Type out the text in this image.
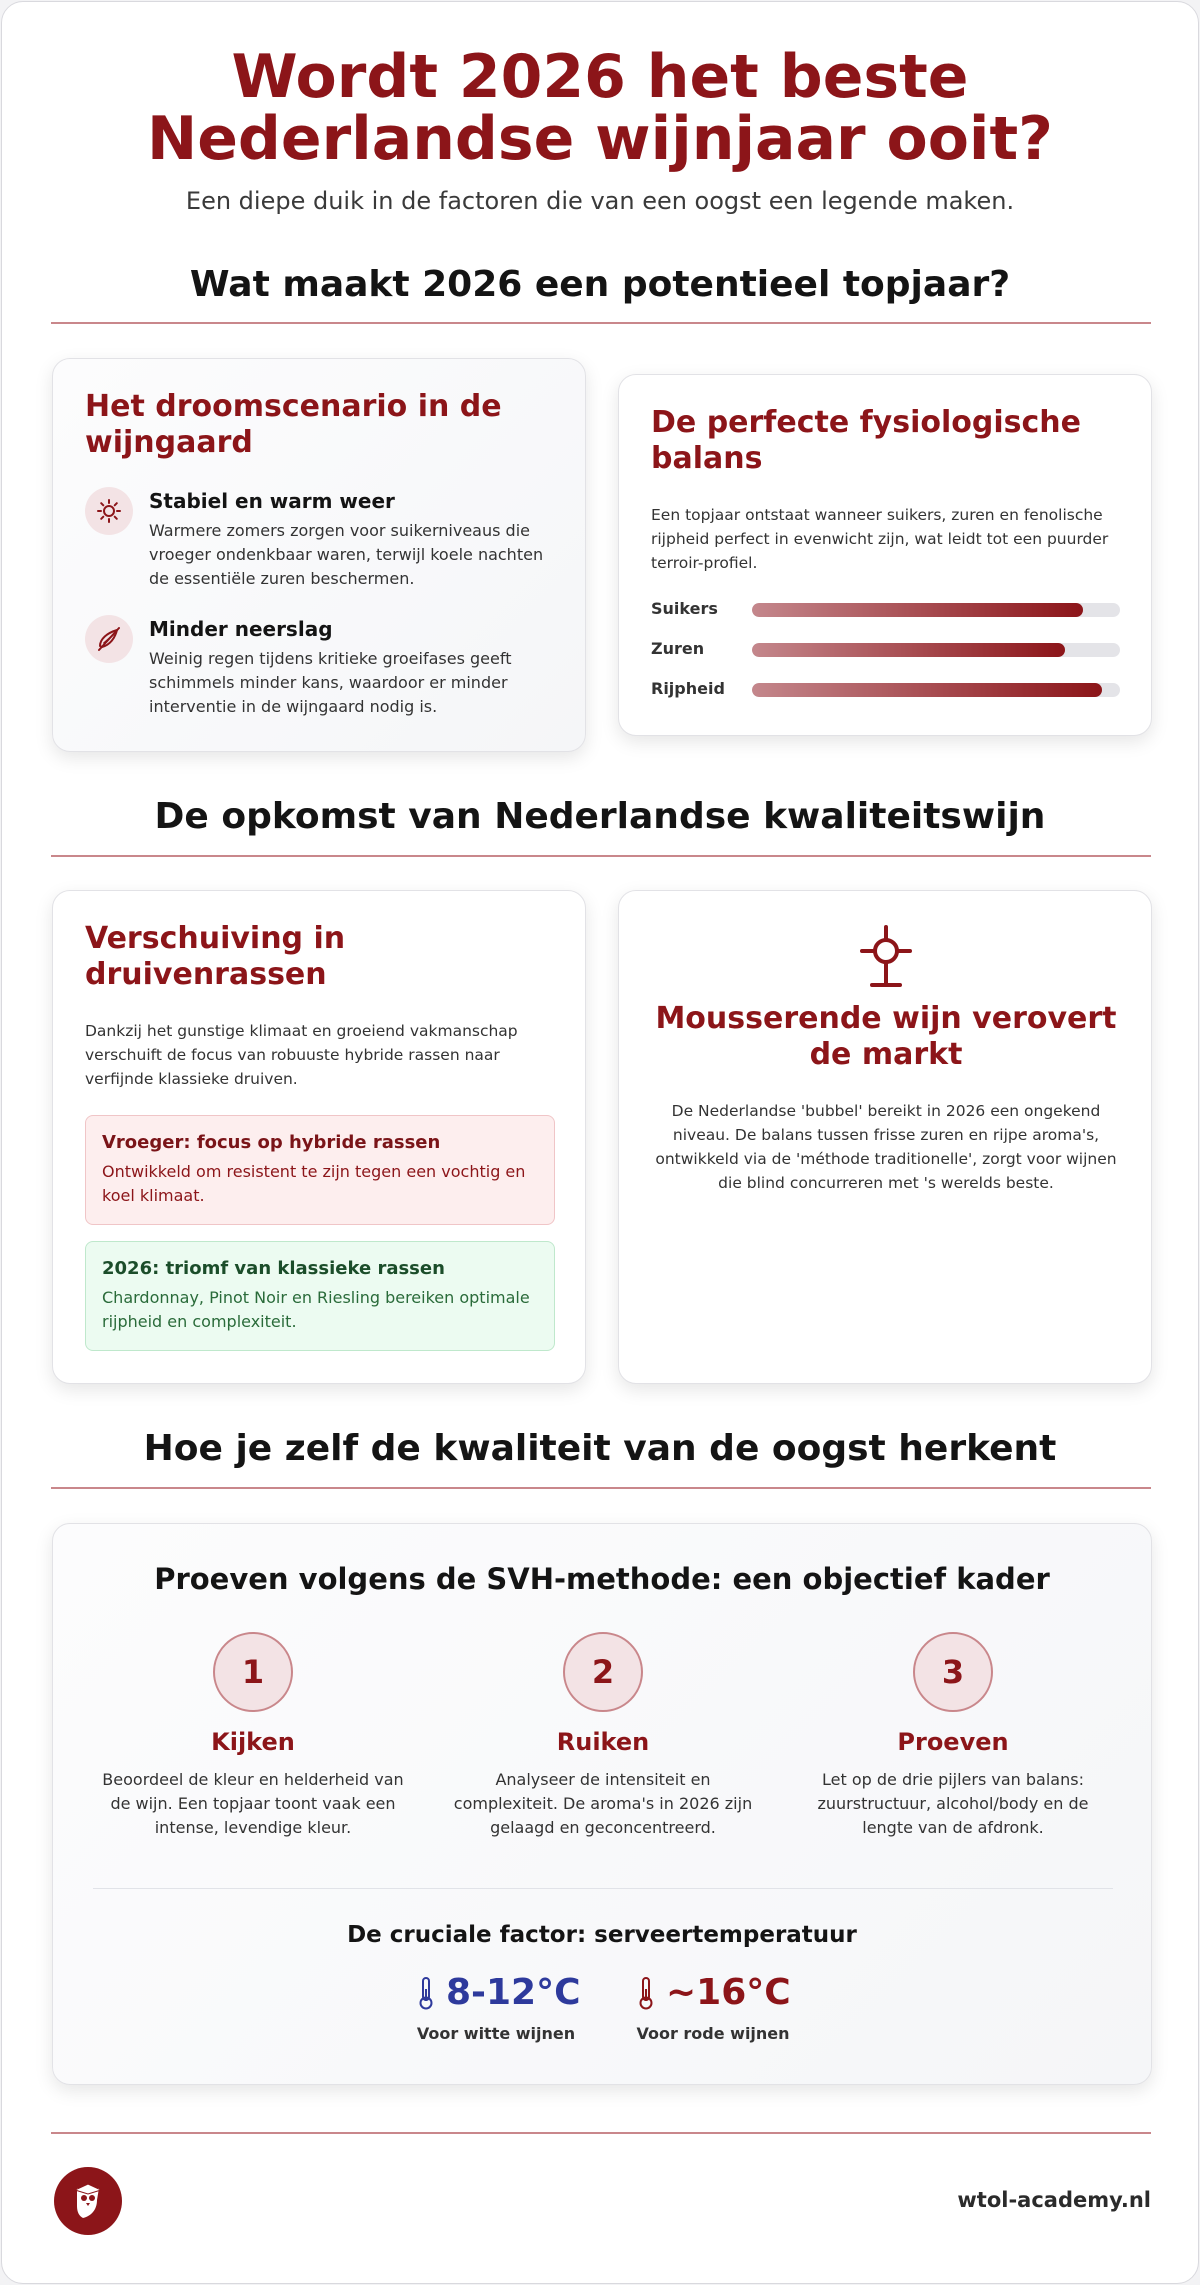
Wordt 2026 het beste
Nederlandse wijnjaar ooit?
Een diepe duik in de factoren die van een oogst een legende maken.
Wat maakt 2026 een potentieel topjaar?
Het droomscenario in de wijngaard
Stabiel en warm weer
Warmere zomers zorgen voor suikerniveaus die vroeger ondenkbaar waren, terwijl koele nachten de essentiële zuren beschermen.
Minder neerslag
Weinig regen tijdens kritieke groeifases geeft schimmels minder kans, waardoor er minder interventie in de wijngaard nodig is.
De perfecte fysiologische balans
Een topjaar ontstaat wanneer suikers, zuren en fenolische rijpheid perfect in evenwicht zijn, wat leidt tot een puurder terroir-profiel.
Suikers
Zuren
Rijpheid
De opkomst van Nederlandse kwaliteitswijn
Verschuiving in druivenrassen
Dankzij het gunstige klimaat en groeiend vakmanschap verschuift de focus van robuuste hybride rassen naar verfijnde klassieke druiven.
Vroeger: focus op hybride rassen
Ontwikkeld om resistent te zijn tegen een vochtig en koel klimaat.
2026: triomf van klassieke rassen
Chardonnay, Pinot Noir en Riesling bereiken optimale rijpheid en complexiteit.
Mousserende wijn verovert de markt
De Nederlandse 'bubbel' bereikt in 2026 een ongekend niveau. De balans tussen frisse zuren en rijpe aroma's, ontwikkeld via de 'méthode traditionelle', zorgt voor wijnen die blind concurreren met 's werelds beste.
Hoe je zelf de kwaliteit van de oogst herkent
Proeven volgens de SVH-methode: een objectief kader
1
Kijken
Beoordeel de kleur en helderheid van de wijn. Een topjaar toont vaak een intense, levendige kleur.
2
Ruiken
Analyseer de intensiteit en complexiteit. De aroma's in 2026 zijn gelaagd en geconcentreerd.
3
Proeven
Let op de drie pijlers van balans: zuurstructuur, alcohol/body en de lengte van de afdronk.
De cruciale factor: serveertemperatuur
8-12°C
Voor witte wijnen
~16°C
Voor rode wijnen
wtol-academy.nl
